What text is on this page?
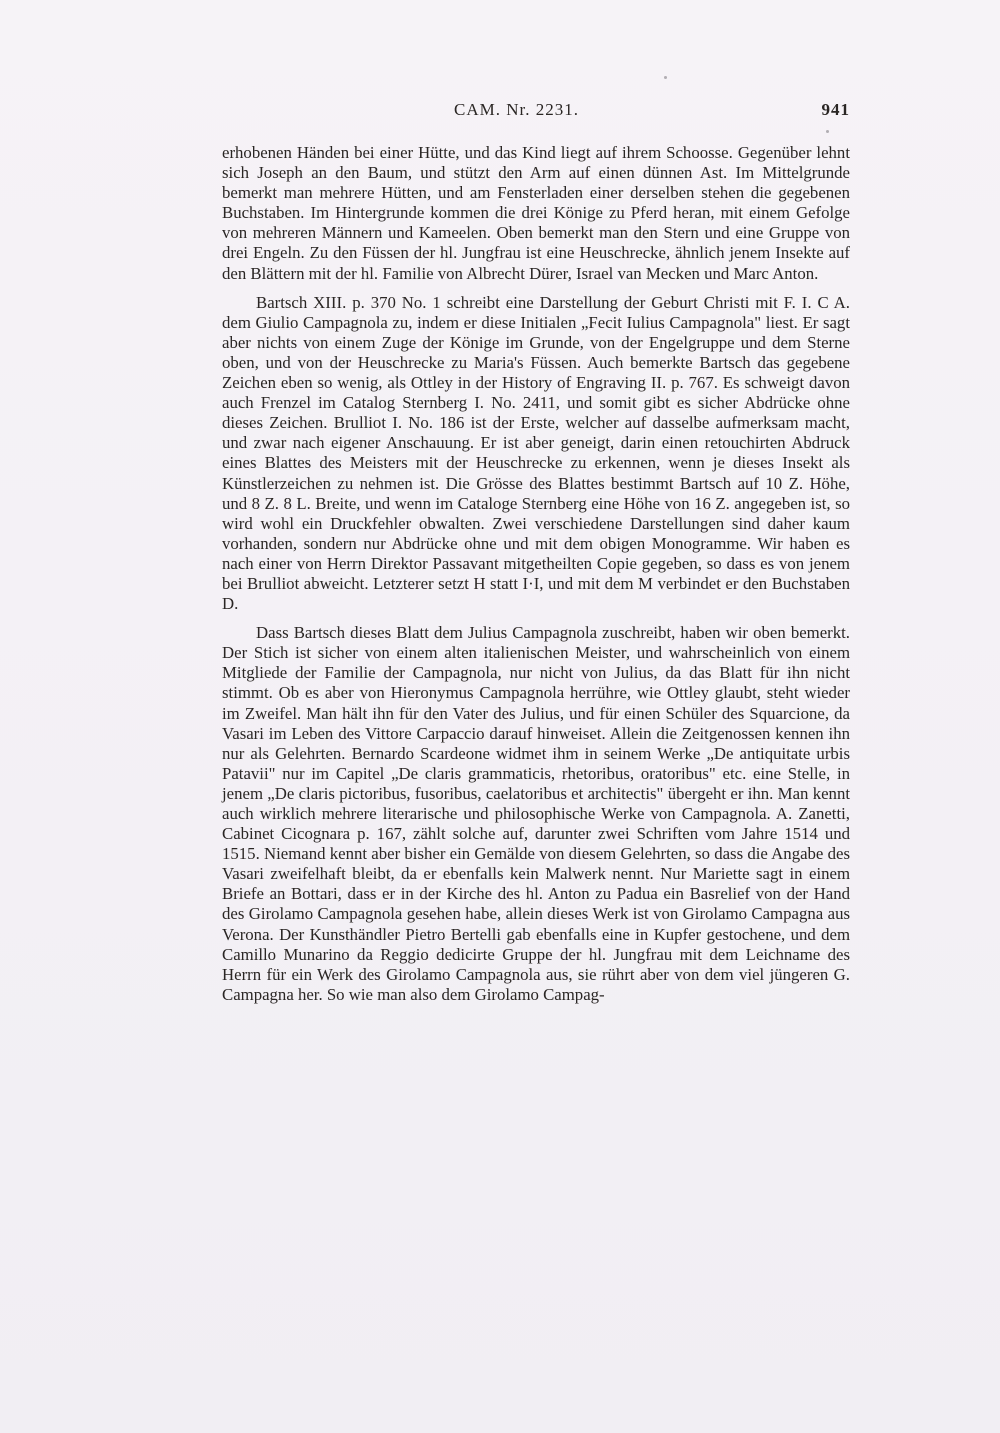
CAM. Nr. 2231.	941

erhobenen Händen bei einer Hütte, und das Kind liegt auf ihrem Schoosse. Gegenüber lehnt sich Joseph an den Baum, und stützt den Arm auf einen dünnen Ast. Im Mittelgrunde bemerkt man mehrere Hütten, und am Fensterladen einer derselben stehen die gegebenen Buchstaben. Im Hintergrunde kommen die drei Könige zu Pferd heran, mit einem Gefolge von mehreren Männern und Kameelen. Oben bemerkt man den Stern und eine Gruppe von drei Engeln. Zu den Füssen der hl. Jungfrau ist eine Heuschrecke, ähnlich jenem Insekte auf den Blättern mit der hl. Familie von Albrecht Dürer, Israel van Mecken und Marc Anton.

Bartsch XIII. p. 370 No. 1 schreibt eine Darstellung der Geburt Christi mit F. I. C A. dem Giulio Campagnola zu, indem er diese Initialen „Fecit Iulius Campagnola" liest. Er sagt aber nichts von einem Zuge der Könige im Grunde, von der Engelgruppe und dem Sterne oben, und von der Heuschrecke zu Maria's Füssen. Auch bemerkte Bartsch das gegebene Zeichen eben so wenig, als Ottley in der History of Engraving II. p. 767. Es schweigt davon auch Frenzel im Catalog Sternberg I. No. 2411, und somit gibt es sicher Abdrücke ohne dieses Zeichen. Brulliot I. No. 186 ist der Erste, welcher auf dasselbe aufmerksam macht, und zwar nach eigener Anschauung. Er ist aber geneigt, darin einen retouchirten Abdruck eines Blattes des Meisters mit der Heuschrecke zu erkennen, wenn je dieses Insekt als Künstlerzeichen zu nehmen ist. Die Grösse des Blattes bestimmt Bartsch auf 10 Z. Höhe, und 8 Z. 8 L. Breite, und wenn im Cataloge Sternberg eine Höhe von 16 Z. angegeben ist, so wird wohl ein Druckfehler obwalten. Zwei verschiedene Darstellungen sind daher kaum vorhanden, sondern nur Abdrücke ohne und mit dem obigen Monogramme. Wir haben es nach einer von Herrn Direktor Passavant mitgetheilten Copie gegeben, so dass es von jenem bei Brulliot abweicht. Letzterer setzt H statt I·I, und mit dem M verbindet er den Buchstaben D.

Dass Bartsch dieses Blatt dem Julius Campagnola zuschreibt, haben wir oben bemerkt. Der Stich ist sicher von einem alten italienischen Meister, und wahrscheinlich von einem Mitgliede der Familie der Campagnola, nur nicht von Julius, da das Blatt für ihn nicht stimmt. Ob es aber von Hieronymus Campagnola herrühre, wie Ottley glaubt, steht wieder im Zweifel. Man hält ihn für den Vater des Julius, und für einen Schüler des Squarcione, da Vasari im Leben des Vittore Carpaccio darauf hinweiset. Allein die Zeitgenossen kennen ihn nur als Gelehrten. Bernardo Scardeone widmet ihm in seinem Werke „De antiquitate urbis Patavii" nur im Capitel „De claris grammaticis, rhetoribus, oratoribus" etc. eine Stelle, in jenem „De claris pictoribus, fusoribus, caelatoribus et architectis" übergeht er ihn. Man kennt auch wirklich mehrere literarische und philosophische Werke von Campagnola. A. Zanetti, Cabinet Cicognara p. 167, zählt solche auf, darunter zwei Schriften vom Jahre 1514 und 1515. Niemand kennt aber bisher ein Gemälde von diesem Gelehrten, so dass die Angabe des Vasari zweifelhaft bleibt, da er ebenfalls kein Malwerk nennt. Nur Mariette sagt in einem Briefe an Bottari, dass er in der Kirche des hl. Anton zu Padua ein Basrelief von der Hand des Girolamo Campagnola gesehen habe, allein dieses Werk ist von Girolamo Campagna aus Verona. Der Kunsthändler Pietro Bertelli gab ebenfalls eine in Kupfer gestochene, und dem Camillo Munarino da Reggio dedicirte Gruppe der hl. Jungfrau mit dem Leichname des Herrn für ein Werk des Girolamo Campagnola aus, sie rührt aber von dem viel jüngeren G. Campagna her. So wie man also dem Girolamo Campag-
